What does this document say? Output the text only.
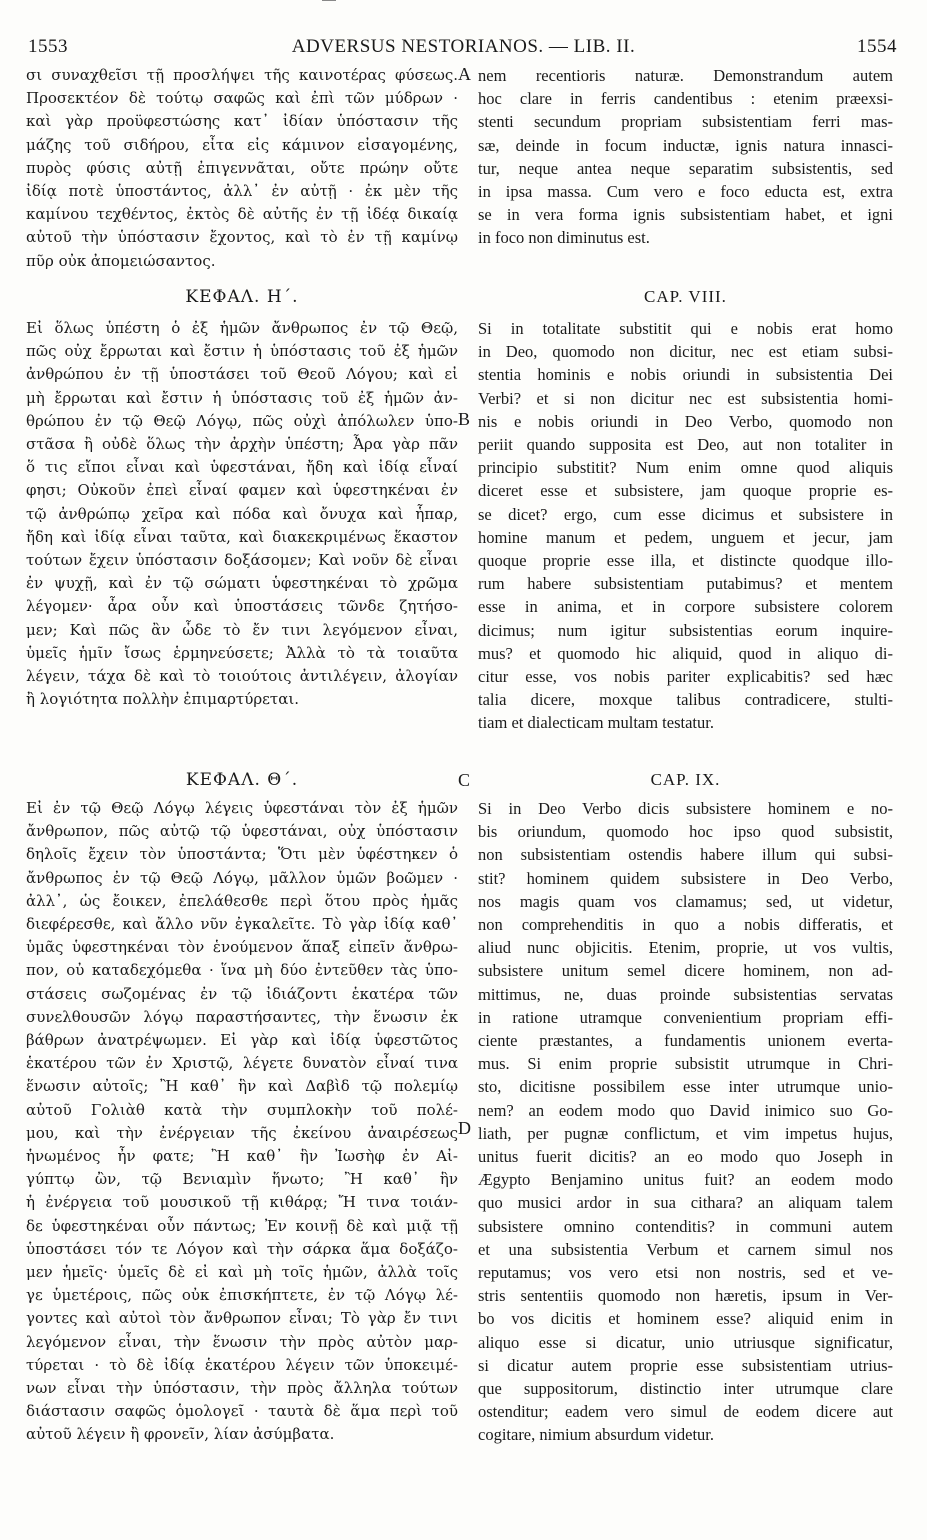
1553	ADVERSUS NESTORIANOS. — LIB. II.	1554
σι συναχθεῖσι τῇ προσλήψει τῆς καινοτέρας φύσεως.
Προσεκτέον δὲ τούτῳ σαφῶς καὶ ἐπὶ τῶν μύδρων ·
καὶ γὰρ προϋφεστώσης κατ᾽ ἰδίαν ὑπόστασιν τῆς
μάζης τοῦ σιδήρου, εἶτα εἰς κάμινον εἰσαγομένης,
πυρὸς φύσις αὐτῇ ἐπιγεννᾶται, οὔτε πρώην οὔτε
ἰδίᾳ ποτὲ ὑποστάντος, ἀλλ᾽ ἐν αὐτῇ · ἐκ μὲν τῆς
καμίνου τεχθέντος, ἐκτὸς δὲ αὐτῆς ἐν τῇ ἰδέᾳ δικαίᾳ
αὐτοῦ τὴν ὑπόστασιν ἔχοντος, καὶ τὸ ἐν τῇ καμίνῳ
πῦρ οὐκ ἀπομειώσαντος.
A nem recentioris naturæ. Demonstrandum autem
hoc clare in ferris candentibus : etenim præexsi-
stenti secundum propriam subsistentiam ferri mas-
sæ, deinde in focum inductæ, ignis natura innasci-
tur, neque antea neque separatim subsistentis, sed
in ipsa massa. Cum vero e foco educta est, extra
se in vera forma ignis subsistentiam habet, et igni
in foco non diminutus est.
ΚΕΦΑΛ. Η΄.	CAP. VIII.
Εἰ ὅλως ὑπέστη ὁ ἐξ ἡμῶν ἄνθρωπος ἐν τῷ Θεῷ,
πῶς οὐχ ἔρρωται καὶ ἔστιν ἡ ὑπόστασις τοῦ ἐξ ἡμῶν
ἀνθρώπου ἐν τῇ ὑποστάσει τοῦ Θεοῦ Λόγου; καὶ εἰ
μὴ ἔρρωται καὶ ἔστιν ἡ ὑπόστασις τοῦ ἐξ ἡμῶν ἀν-
θρώπου ἐν τῷ Θεῷ Λόγῳ, πῶς οὐχὶ ἀπόλωλεν ὑπο-
στᾶσα ἢ οὐδὲ ὅλως τὴν ἀρχὴν ὑπέστη; Ἆρα γὰρ πᾶν
ὅ τις εἴποι εἶναι καὶ ὑφεστάναι, ἤδη καὶ ἰδίᾳ εἶναί
φησι; Οὐκοῦν ἐπεὶ εἶναί φαμεν καὶ ὑφεστηκέναι ἐν
τῷ ἀνθρώπῳ χεῖρα καὶ πόδα καὶ ὄνυχα καὶ ἧπαρ,
ἤδη καὶ ἰδίᾳ εἶναι ταῦτα, καὶ διακεκριμένως ἕκαστον
τούτων ἔχειν ὑπόστασιν δοξάσομεν; Καὶ νοῦν δὲ εἶναι
ἐν ψυχῇ, καὶ ἐν τῷ σώματι ὑφεστηκέναι τὸ χρῶμα
λέγομεν· ἆρα οὖν καὶ ὑποστάσεις τῶνδε ζητήσο-
μεν; Καὶ πῶς ἂν ὧδε τὸ ἔν τινι λεγόμενον εἶναι,
ὑμεῖς ἡμῖν ἴσως ἑρμηνεύσετε; Ἀλλὰ τὸ τὰ τοιαῦτα
λέγειν, τάχα δὲ καὶ τὸ τοιούτοις ἀντιλέγειν, ἀλογίαν
ἢ λογιότητα πολλὴν ἐπιμαρτύρεται.
B
Si in totalitate substitit qui e nobis erat homo
in Deo, quomodo non dicitur, nec est etiam subsi-
stentia hominis e nobis oriundi in subsistentia Dei
Verbi? et si non dicitur nec est subsistentia homi-
nis e nobis oriundi in Deo Verbo, quomodo non
periit quando supposita est Deo, aut non totaliter in
principio substitit? Num enim omne quod aliquis
diceret esse et subsistere, jam quoque proprie es-
se dicet? ergo, cum esse dicimus et subsistere in
homine manum et pedem, unguem et jecur, jam
quoque proprie esse illa, et distincte quodque illo-
rum habere subsistentiam putabimus? et mentem
esse in anima, et in corpore subsistere colorem
dicimus; num igitur subsistentias eorum inquire-
mus? et quomodo hic aliquid, quod in aliquo di-
citur esse, vos nobis pariter explicabitis? sed hæc
talia dicere, moxque talibus contradicere, stulti-
tiam et dialecticam multam testatur.
ΚΕΦΑΛ. Θ΄.	C	CAP. IX.
Εἰ ἐν τῷ Θεῷ Λόγῳ λέγεις ὑφεστάναι τὸν ἐξ ἡμῶν
ἄνθρωπον, πῶς αὐτῷ τῷ ὑφεστάναι, οὐχ ὑπόστασιν
δηλοῖς ἔχειν τὸν ὑποστάντα; Ὅτι μὲν ὑφέστηκεν ὁ
ἄνθρωπος ἐν τῷ Θεῷ Λόγῳ, μᾶλλον ὑμῶν βοῶμεν ·
ἀλλ᾽, ὡς ἔοικεν, ἐπελάθεσθε περὶ ὅτου πρὸς ἡμᾶς
διεφέρεσθε, καὶ ἄλλο νῦν ἐγκαλεῖτε. Τὸ γὰρ ἰδίᾳ καθ᾽
ὑμᾶς ὑφεστηκέναι τὸν ἑνούμενον ἅπαξ εἰπεῖν ἄνθρω-
πον, οὐ καταδεχόμεθα · ἵνα μὴ δύο ἐντεῦθεν τὰς ὑπο-
στάσεις σωζομένας ἐν τῷ ἰδιάζοντι ἑκατέρα τῶν
συνελθουσῶν λόγῳ παραστήσαντες, τὴν ἕνωσιν ἐκ
βάθρων ἀνατρέψωμεν. Εἰ γὰρ καὶ ἰδίᾳ ὑφεστῶτος
ἑκατέρου τῶν ἐν Χριστῷ, λέγετε δυνατὸν εἶναί τινα
ἕνωσιν αὐτοῖς; Ἢ καθ᾽ ἣν καὶ Δαβὶδ τῷ πολεμίῳ
αὐτοῦ Γολιὰθ κατὰ τὴν συμπλοκὴν τοῦ πολέ-
μου, καὶ τὴν ἐνέργειαν τῆς ἐκείνου ἀναιρέσεως
ἡνωμένος ἦν φατε; Ἢ καθ᾽ ἣν Ἰωσὴφ ἐν Αἰ-
γύπτῳ ὢν, τῷ Βενιαμὶν ἥνωτο; Ἢ καθ᾽ ἣν
ἡ ἐνέργεια τοῦ μουσικοῦ τῇ κιθάρᾳ; Ἤ τινα τοιάν-
δε ὑφεστηκέναι οὖν πάντως; Ἐν κοινῇ δὲ καὶ μιᾷ τῇ
ὑποστάσει τόν τε Λόγον καὶ τὴν σάρκα ἅμα δοξάζο-
μεν ἡμεῖς· ὑμεῖς δὲ εἰ καὶ μὴ τοῖς ἡμῶν, ἀλλὰ τοῖς
γε ὑμετέροις, πῶς οὐκ ἐπισκήπτετε, ἐν τῷ Λόγῳ λέ-
γοντες καὶ αὐτοὶ τὸν ἄνθρωπον εἶναι; Τὸ γὰρ ἔν τινι
λεγόμενον εἶναι, τὴν ἕνωσιν τὴν πρὸς αὐτὸν μαρ-
τύρεται · τὸ δὲ ἰδίᾳ ἑκατέρου λέγειν τῶν ὑποκειμέ-
νων εἶναι τὴν ὑπόστασιν, τὴν πρὸς ἄλληλα τούτων
διάστασιν σαφῶς ὁμολογεῖ · ταυτὰ δὲ ἅμα περὶ τοῦ
αὐτοῦ λέγειν ἢ φρονεῖν, λίαν ἀσύμβατα.
D
Si in Deo Verbo dicis subsistere hominem e no-
bis oriundum, quomodo hoc ipso quod subsistit,
non subsistentiam ostendis habere illum qui subsi-
stit? hominem quidem subsistere in Deo Verbo,
nos magis quam vos clamamus; sed, ut videtur,
non comprehenditis in quo a nobis differatis, et
aliud nunc objicitis. Etenim, proprie, ut vos vultis,
subsistere unitum semel dicere hominem, non ad-
mittimus, ne, duas proinde subsistentias servatas
in ratione utramque convenientium propriam effi-
ciente præstantes, a fundamentis unionem everta-
mus. Si enim proprie subsistit utrumque in Chri-
sto, dicitisne possibilem esse inter utrumque unio-
nem? an eodem modo quo David inimico suo Go-
liath, per pugnæ conflictum, et vim impetus hujus,
unitus fuerit dicitis? an eo modo quo Joseph in
Ægypto Benjamino unitus fuit? an eodem modo
quo musici ardor in sua cithara? an aliquam talem
subsistere omnino contenditis? in communi autem
et una subsistentia Verbum et carnem simul nos
reputamus; vos vero etsi non nostris, sed et ve-
stris sententiis quomodo non hæretis, ipsum in Ver-
bo vos dicitis et hominem esse? aliquid enim in
aliquo esse si dicatur, unio utriusque significatur,
si dicatur autem proprie esse subsistentiam utrius-
que suppositorum, distinctio inter utrumque clare
ostenditur; eadem vero simul de eodem dicere aut
cogitare, nimium absurdum videtur.
